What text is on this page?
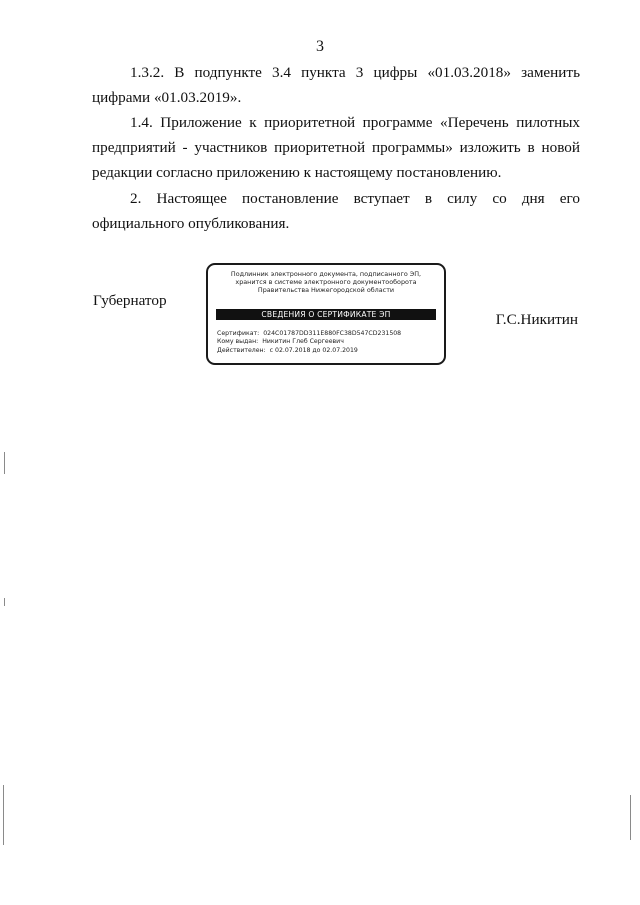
3

1.3.2. В подпункте 3.4 пункта 3 цифры «01.03.2018» заменить цифрами «01.03.2019».

1.4. Приложение к приоритетной программе «Перечень пилотных предприятий - участников приоритетной программы» изложить в новой редакции согласно приложению к настоящему постановлению.

2. Настоящее постановление вступает в силу со дня его официального опубликования.

Губернатор
Подлинник электронного документа, подписанного ЭП,
хранится в системе электронного документооборота
Правительства Нижегородской области
СВЕДЕНИЯ О СЕРТИФИКАТЕ ЭП
Сертификат: 024C01787DD311E880FC38D547CD231508
Кому выдан: Никитин Глеб Сергеевич
Действителен: с 02.07.2018 до 02.07.2019
Г.С.Никитин
